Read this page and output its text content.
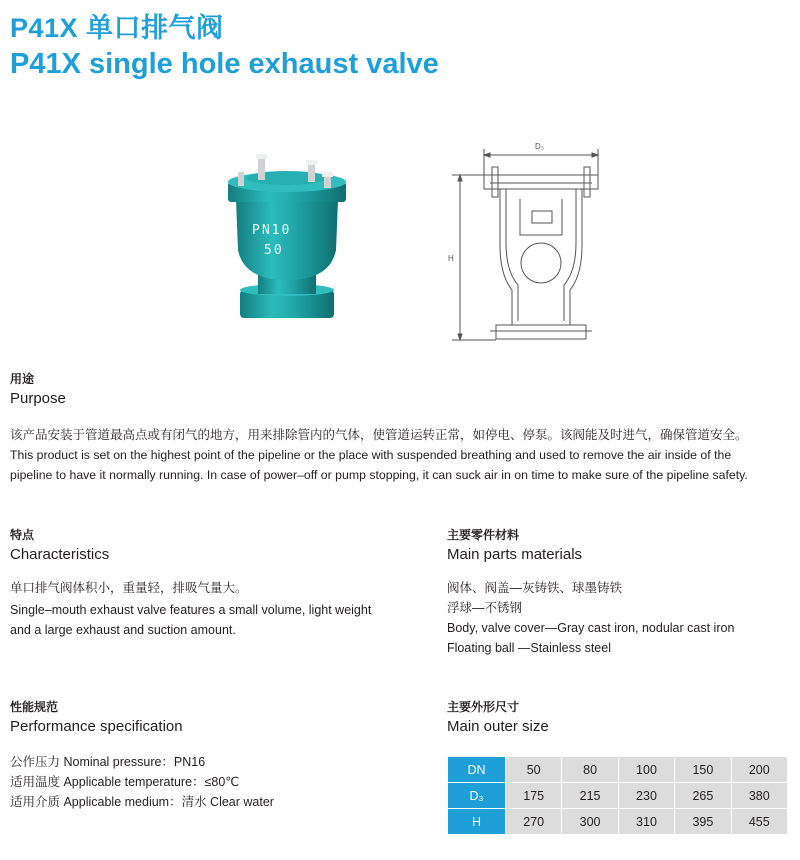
P41X 单口排气阀
P41X single hole exhaust valve
PN10
50
D₃
H
用途
Purpose

该产品安装于管道最高点或有闭气的地方，用来排除管内的气体，使管道运转正常，如停电、停泵。该阀能及时进气，确保管道安全。

This product is set on the highest point of the pipeline or the place with suspended breathing and used to remove the air inside of the

pipeline to have it normally running. In case of power–off or pump stopping, it can suck air in on time to make sure of the pipeline safety.

特点
Characteristics

单口排气阀体积小，重量轻，排吸气量大。

Single–mouth exhaust valve features a small volume, light weight

and a large exhaust and suction amount.

主要零件材料
Main parts materials

阀体、阀盖—灰铸铁、球墨铸铁

浮球—不锈钢

Body, valve cover—Gray cast iron, nodular cast iron

Floating ball —Stainless steel

性能规范
Performance specification

公作压力 Nominal pressure：PN16

适用温度 Applicable temperature：≤80℃

适用介质 Applicable medium：清水 Clear water

主要外形尺寸
Main outer size
DN	50	80	100	150	200
D₃	175	215	230	265	380
H	270	300	310	395	455
